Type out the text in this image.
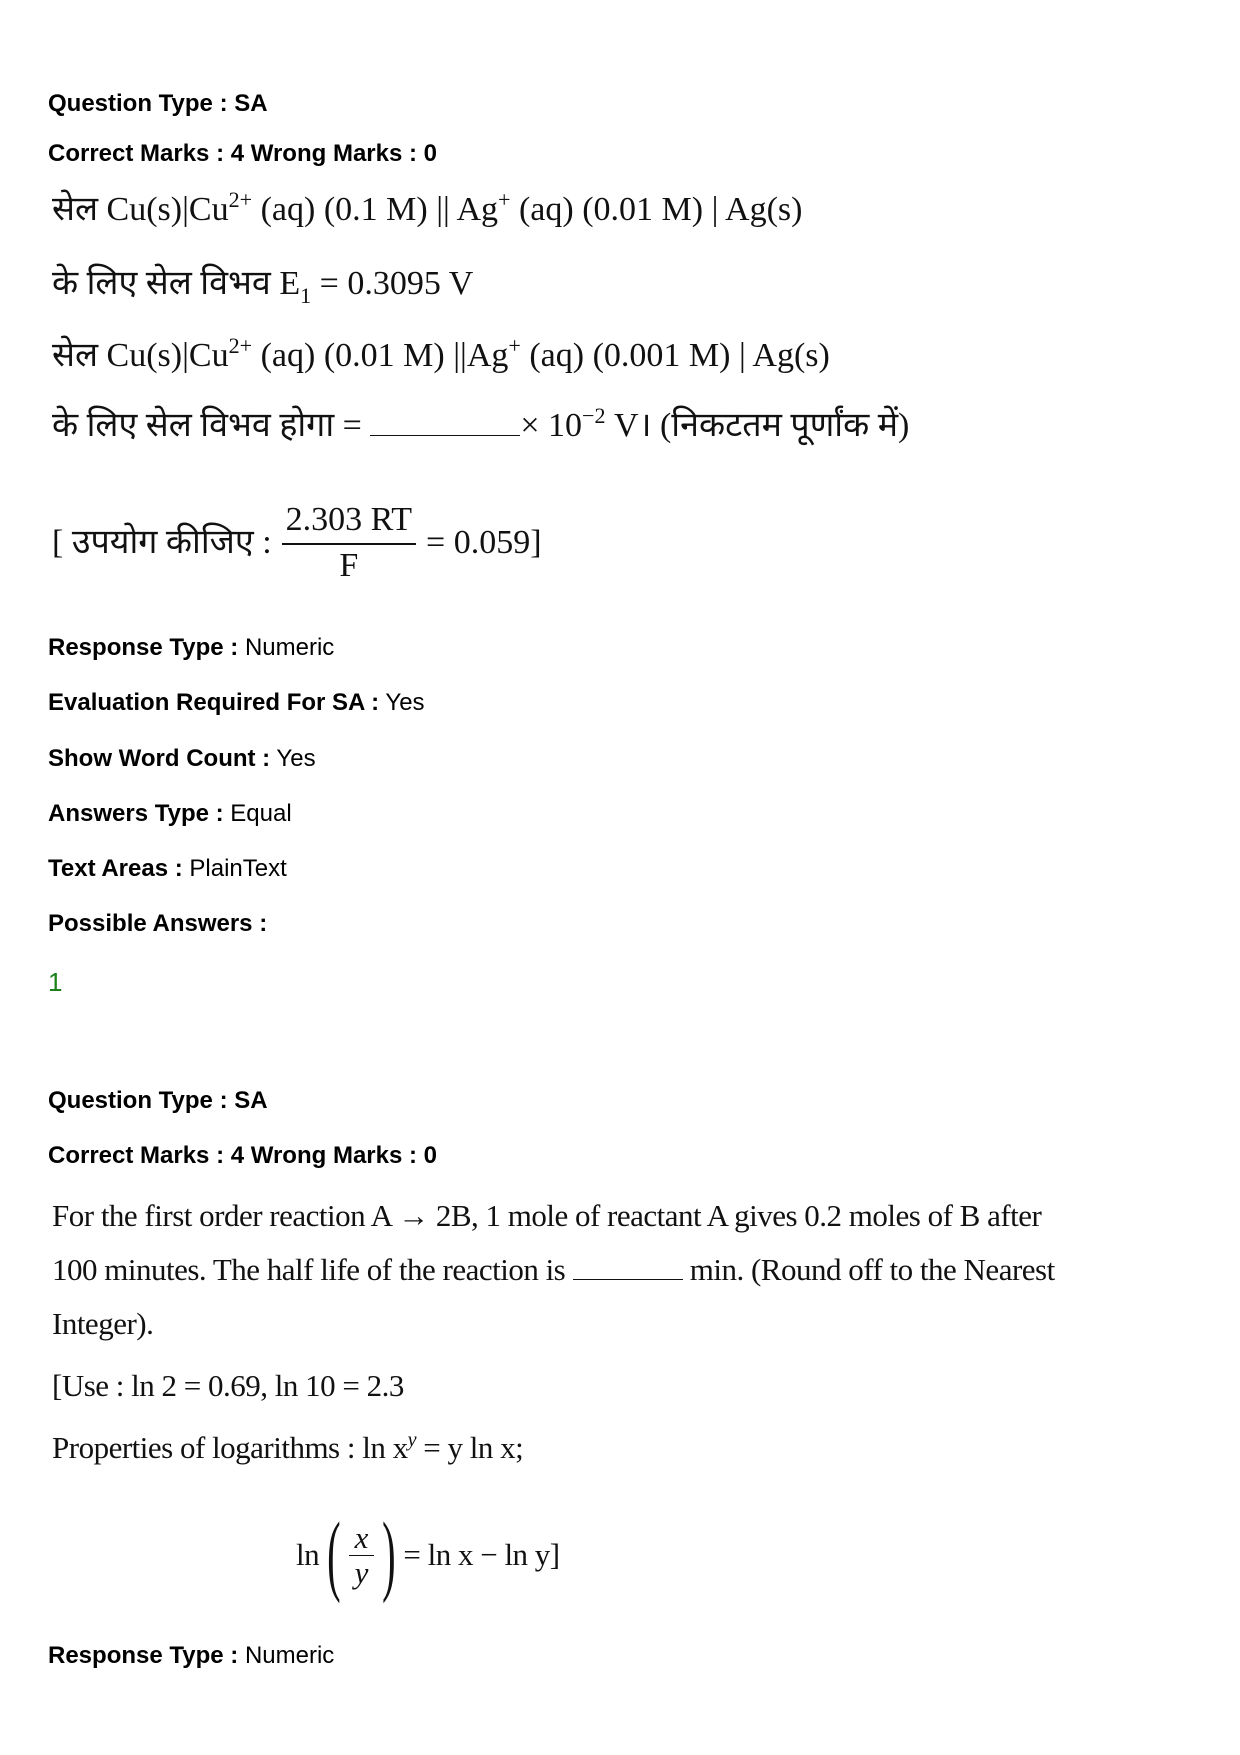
Question Type : SA
Correct Marks : 4 Wrong Marks : 0
सेल $Cu(s)|Cu^{2+}$ (aq) (0.1 M) || Ag+ (aq) (0.01 M) | Ag(s)
के लिए सेल विभव $E_1 = 0.3095$ V
सेल $Cu(s)|Cu^{2+}$ (aq) (0.01 M) ||Ag+ (aq) (0.001 M) | Ag(s)
के लिए सेल विभव होगा =	× $10^{-2}$ V। (निकटतम पूर्णांक में)
[ उपयोग कीजिए : $\frac{2.303 RT}{F} = 0.059$]
Response Type : Numeric
Evaluation Required For SA : Yes
Show Word Count : Yes
Answers Type : Equal
Text Areas : PlainText
Possible Answers :
1
Question Type : SA
Correct Marks : 4 Wrong Marks : 0
For the first order reaction A → 2B, 1 mole of reactant A gives 0.2 moles of B after
100 minutes. The half life of the reaction is	min. (Round off to the Nearest
Integer).
[Use : ln 2 = 0.69, ln 10 = 2.3
Properties of logarithms : $\ln x^y = y$ ln x;
ln ( $\frac{x}{y}$ ) = ln x − ln y]
Response Type : Numeric
